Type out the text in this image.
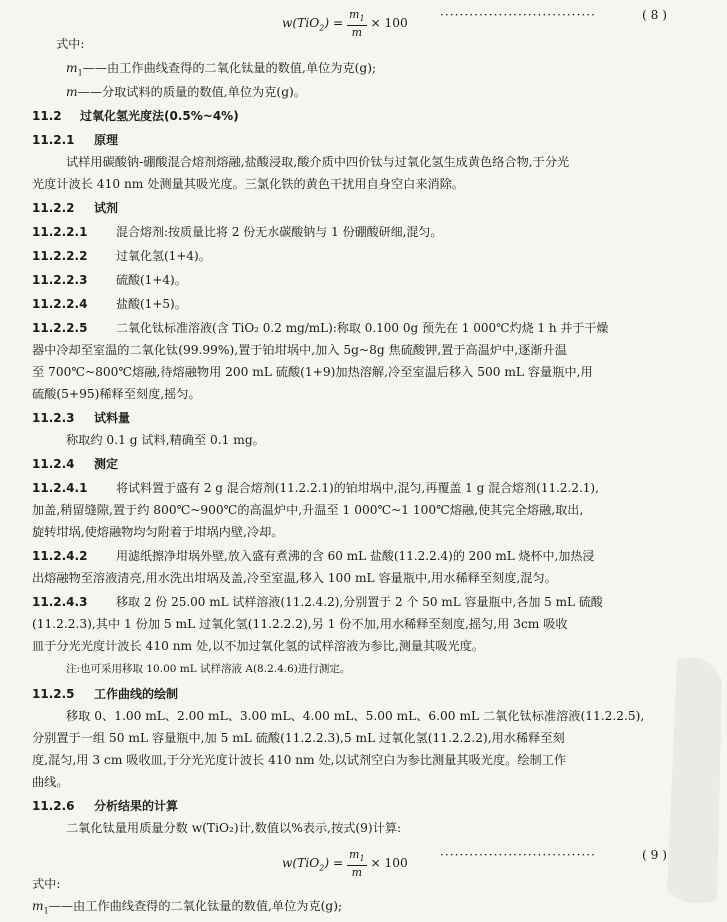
$w(TiO_2) = \frac{m_1}{m} \times 100$
································	( 8 )
式中:
$m_1——$由工作曲线查得的二氧化钛量的数值,单位为克(g);
m——分取试料的质量的数值,单位为克(g)。
11.2 过氧化氢光度法(0.5%~4%)
11.2.1 原理
试样用碳酸钠-硼酸混合熔剂熔融,盐酸浸取,酸介质中四价钛与过氧化氢生成黄色络合物,于分光
光度计波长 410 nm 处测量其吸光度。三氯化铁的黄色干扰用自身空白来消除。
11.2.2 试剂
11.2.2.1 混合熔剂:按质量比将 2 份无水碳酸钠与 1 份硼酸研细,混匀。
11.2.2.2 过氧化氢(1+4)。
11.2.2.3 硫酸(1+4)。
11.2.2.4 盐酸(1+5)。
11.2.2.5 二氧化钛标准溶液(含 TiO₂ 0.2 mg/mL):称取 0.100 0g 预先在 1 000℃灼烧 1 h 并于干燥
器中冷却至室温的二氧化钛(99.99%),置于铂坩埚中,加入 5g~8g 焦硫酸钾,置于高温炉中,逐渐升温
至 700℃~800℃熔融,待熔融物用 200 mL 硫酸(1+9)加热溶解,冷至室温后移入 500 mL 容量瓶中,用
硫酸(5+95)稀释至刻度,摇匀。
11.2.3 试料量
称取约 0.1 g 试料,精确至 0.1 mg。
11.2.4 测定
11.2.4.1 将试料置于盛有 2 g 混合熔剂(11.2.2.1)的铂坩埚中,混匀,再覆盖 1 g 混合熔剂(11.2.2.1),
加盖,稍留缝隙,置于约 800℃~900℃的高温炉中,升温至 1 000℃~1 100℃熔融,使其完全熔融,取出,
旋转坩埚,使熔融物均匀附着于坩埚内壁,冷却。
11.2.4.2 用滤纸擦净坩埚外壁,放入盛有煮沸的含 60 mL 盐酸(11.2.2.4)的 200 mL 烧杯中,加热浸
出熔融物至溶液清亮,用水洗出坩埚及盖,冷至室温,移入 100 mL 容量瓶中,用水稀释至刻度,混匀。
11.2.4.3 移取 2 份 25.00 mL 试样溶液(11.2.4.2),分别置于 2 个 50 mL 容量瓶中,各加 5 mL 硫酸
(11.2.2.3),其中 1 份加 5 mL 过氧化氢(11.2.2.2),另 1 份不加,用水稀释至刻度,摇匀,用 3cm 吸收
皿于分光光度计波长 410 nm 处,以不加过氧化氢的试样溶液为参比,测量其吸光度。
注:也可采用移取 10.00 mL 试样溶液 A(8.2.4.6)进行测定。
11.2.5 工作曲线的绘制
移取 0、1.00 mL、2.00 mL、3.00 mL、4.00 mL、5.00 mL、6.00 mL 二氧化钛标准溶液(11.2.2.5),
分别置于一组 50 mL 容量瓶中,加 5 mL 硫酸(11.2.2.3),5 mL 过氧化氢(11.2.2.2),用水稀释至刻
度,混匀,用 3 cm 吸收皿,于分光光度计波长 410 nm 处,以试剂空白为参比测量其吸光度。绘制工作
曲线。
11.2.6 分析结果的计算
二氧化钛量用质量分数 w(TiO₂)计,数值以%表示,按式(9)计算:
$w(TiO_2) = \frac{m_1}{m} \times 100$
································	( 9 )
式中:
$m_1——$由工作曲线查得的二氧化钛量的数值,单位为克(g);
